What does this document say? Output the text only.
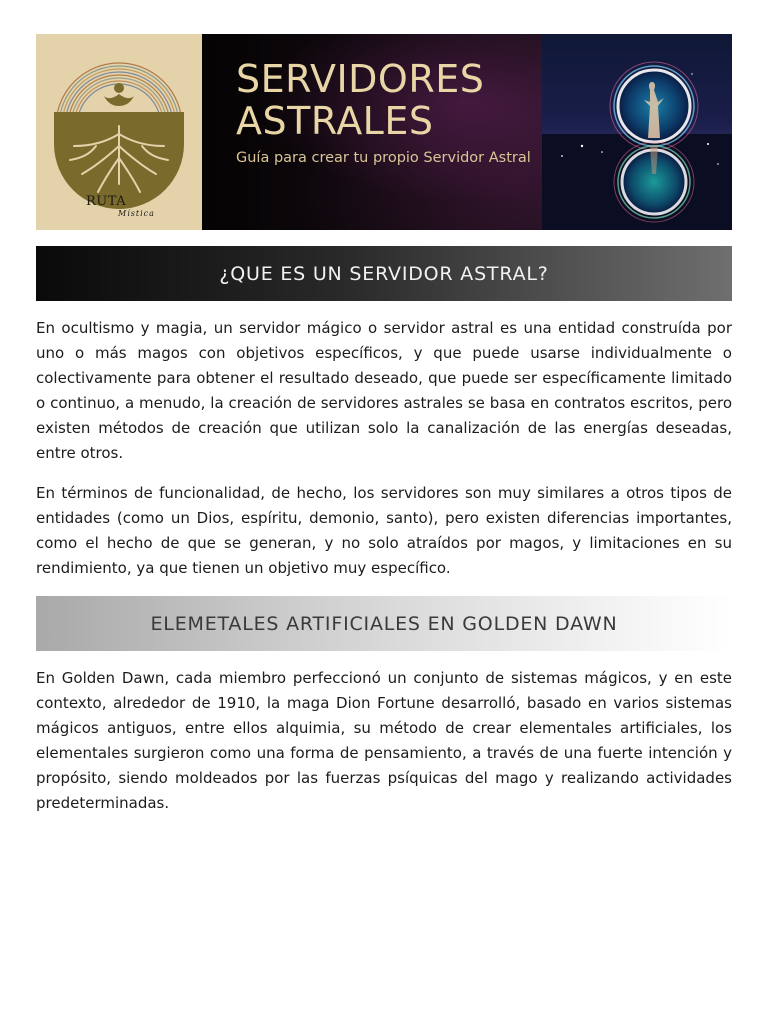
RUTA
Mística
SERVIDORES
ASTRALES
Guía para crear tu propio Servidor Astral
¿QUE ES UN SERVIDOR ASTRAL?

En ocultismo y magia, un servidor mágico o servidor astral es una entidad construída por uno o más magos con objetivos específicos, y que puede usarse individualmente o colectivamente para obtener el resultado deseado, que puede ser específicamente limitado o continuo, a menudo, la creación de servidores astrales se basa en contratos escritos, pero existen métodos de creación que utilizan solo la canalización de las energías deseadas, entre otros.

En términos de funcionalidad, de hecho, los servidores son muy similares a otros tipos de entidades (como un Dios, espíritu, demonio, santo), pero existen diferencias importantes, como el hecho de que se generan, y no solo atraídos por magos, y limitaciones en su rendimiento, ya que tienen un objetivo muy específico.

ELEMETALES ARTIFICIALES EN GOLDEN DAWN

En Golden Dawn, cada miembro perfeccionó un conjunto de sistemas mágicos, y en este contexto, alrededor de 1910, la maga Dion Fortune desarrolló, basado en varios sistemas mágicos antiguos, entre ellos alquimia, su método de crear elementales artificiales, los elementales surgieron como una forma de pensamiento, a través de una fuerte intención y propósito, siendo moldeados por las fuerzas psíquicas del mago y realizando actividades predeterminadas.
